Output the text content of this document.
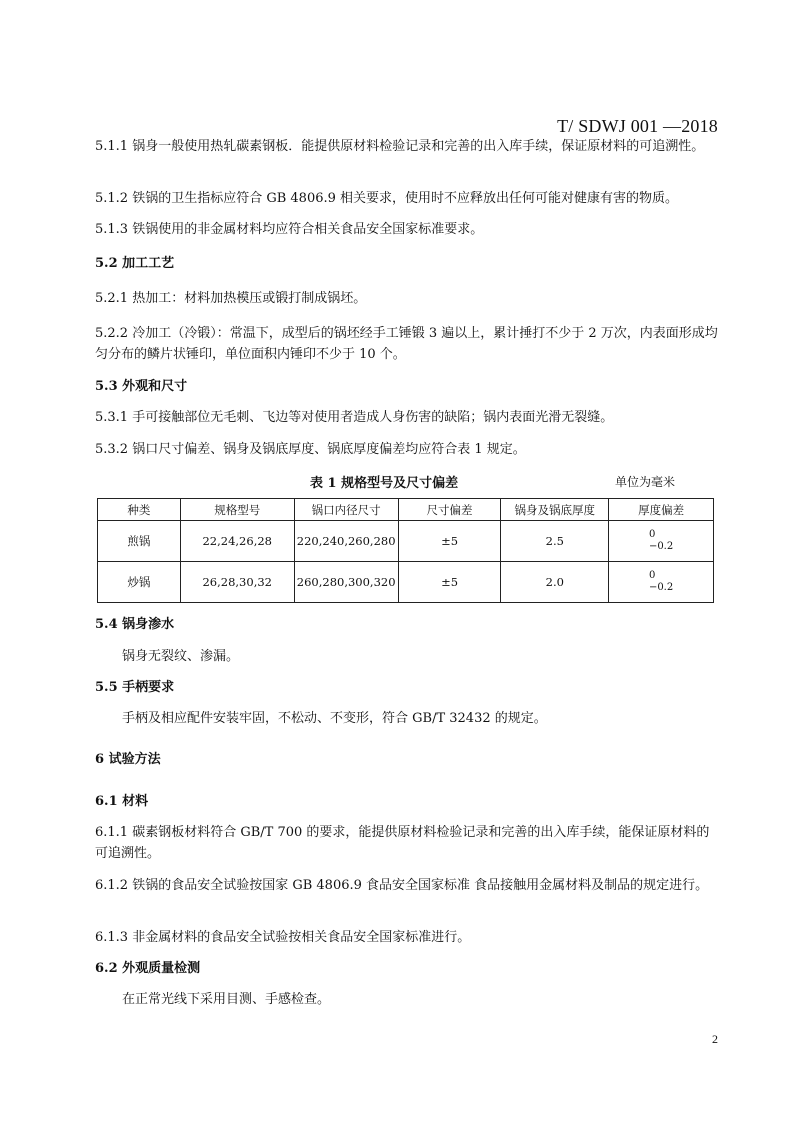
T/ SDWJ 001 —2018
5.1.1 锅身一般使用热轧碳素钢板．能提供原材料检验记录和完善的出入库手续，保证原材料的可追溯性。
5.1.2 铁锅的卫生指标应符合 GB 4806.9 相关要求，使用时不应释放出任何可能对健康有害的物质。
5.1.3 铁锅使用的非金属材料均应符合相关食品安全国家标准要求。
5.2 加工工艺
5.2.1 热加工：材料加热模压或锻打制成锅坯。
5.2.2 冷加工（冷锻）：常温下，成型后的锅坯经手工锤锻 3 遍以上，累计捶打不少于 2 万次，内表面形成均匀分布的鳞片状锤印，单位面积内锤印不少于 10 个。
5.3 外观和尺寸
5.3.1 手可接触部位无毛刺、飞边等对使用者造成人身伤害的缺陷；锅内表面光滑无裂缝。
5.3.2 锅口尺寸偏差、锅身及锅底厚度、锅底厚度偏差均应符合表 1 规定。
表 1 规格型号及尺寸偏差	单位为毫米
种类	规格型号	锅口内径尺寸	尺寸偏差	锅身及锅底厚度	厚度偏差
煎锅	22,24,26,28	220,240,260,280	±5	2.5	0
−0.2

炒锅	26,28,30,32	260,280,300,320	±5	2.0	0
−0.2
5.4 锅身渗水
锅身无裂纹、渗漏。
5.5 手柄要求
手柄及相应配件安装牢固，不松动、不变形，符合 GB/T 32432 的规定。
6 试验方法
6.1 材料
6.1.1 碳素钢板材料符合 GB/T 700 的要求，能提供原材料检验记录和完善的出入库手续，能保证原材料的可追溯性。
6.1.2 铁锅的食品安全试验按国家 GB 4806.9 食品安全国家标准 食品接触用金属材料及制品的规定进行。
6.1.3 非金属材料的食品安全试验按相关食品安全国家标准进行。
6.2 外观质量检测
在正常光线下采用目测、手感检查。
2
